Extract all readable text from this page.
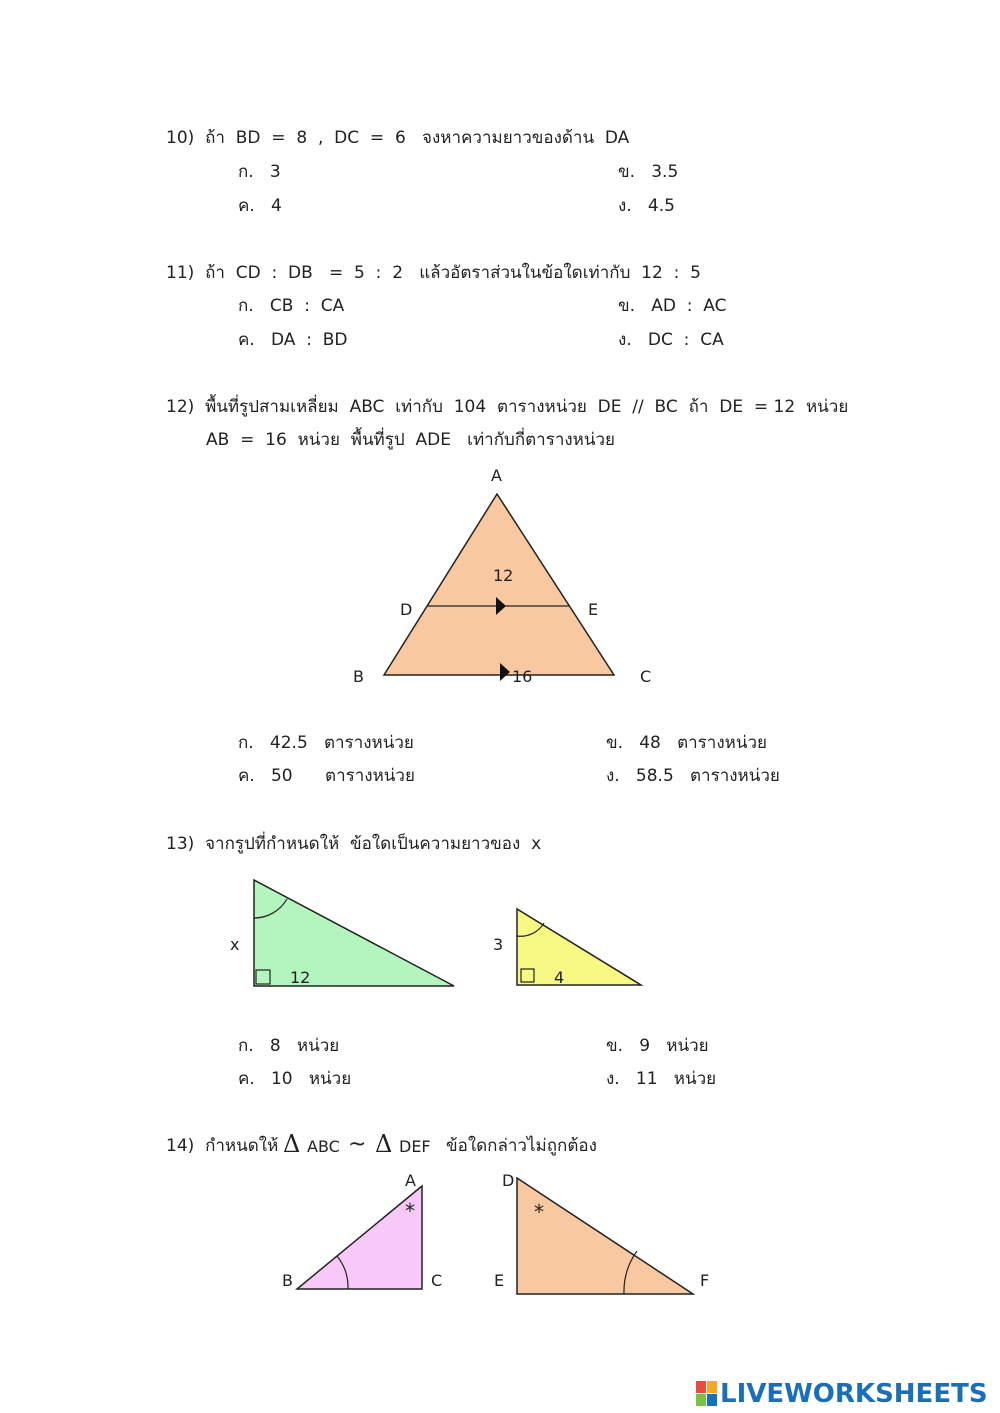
10)  ถ้า  BD  =  8  ,  DC  =  6   จงหาความยาวของด้าน  DA
ก.   3	ข.   3.5
ค.   4	ง.   4.5
11)  ถ้า  CD  :  DB   =  5  :  2   แล้วอัตราส่วนในข้อใดเท่ากับ  12  :  5
ก.   CB  :  CA	ข.   AD  :  AC
ค.   DA  :  BD	ง.   DC  :  CA
12)  พื้นที่รูปสามเหลี่ยม  ABC  เท่ากับ  104  ตารางหน่วย  DE  //  BC  ถ้า  DE  = 12  หน่วย
AB  =  16  หน่วย  พื้นที่รูป  ADE   เท่ากับกี่ตารางหน่วย
A
D	E
B	C
12
16
ก.   42.5   ตารางหน่วย	ข.   48   ตารางหน่วย
ค.   50      ตารางหน่วย	ง.   58.5   ตารางหน่วย
13)  จากรูปที่กำหนดให้  ข้อใดเป็นความยาวของ  x
x
12
3
4
ก.   8   หน่วย	ข.   9   หน่วย
ค.   10   หน่วย	ง.   11   หน่วย
14)  กำหนดให้ Δ ABC ~ Δ DEF ข้อใดกล่าวไม่ถูกต้อง
A
B	C
*
D
E	F
*
LIVEWORKSHEETS
